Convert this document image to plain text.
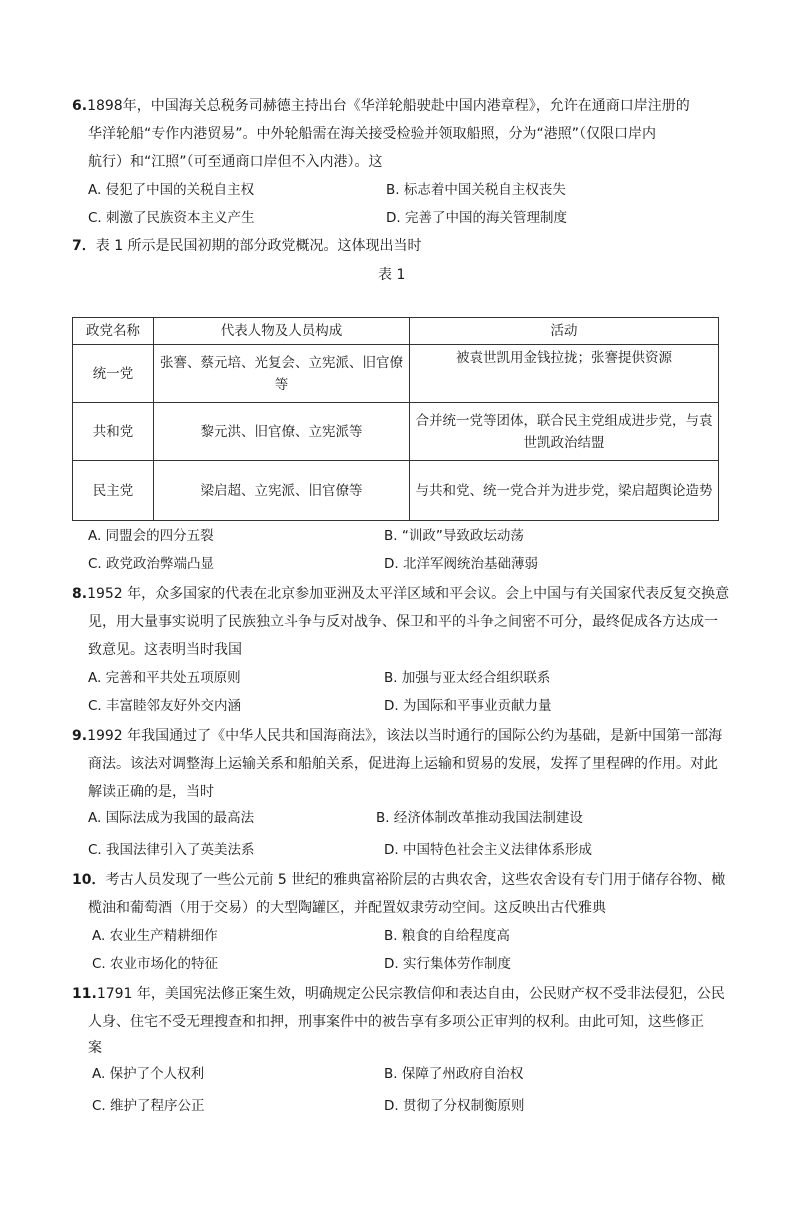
6.1898年，中国海关总税务司赫德主持出台《华洋轮船驶赴中国内港章程》，允许在通商口岸注册的
华洋轮船“专作内港贸易”。中外轮船需在海关接受检验并领取船照，分为“港照”（仅限口岸内
航行）和“江照”（可至通商口岸但不入内港）。这
A. 侵犯了中国的关税自主权	B. 标志着中国关税自主权丧失
C. 刺激了民族资本主义产生	D. 完善了中国的海关管理制度
7．表 1 所示是民国初期的部分政党概况。这体现出当时
表 1
政党名称	代表人物及人员构成	活动
统一党	张謇、蔡元培、光复会、立宪派、旧官僚等	被袁世凯用金钱拉拢；张謇提供资源
共和党	黎元洪、旧官僚、立宪派等	合并统一党等团体，联合民主党组成进步党，与袁世凯政治结盟
民主党	梁启超、立宪派、旧官僚等	与共和党、统一党合并为进步党，梁启超舆论造势
A. 同盟会的四分五裂	B. “训政”导致政坛动荡
C. 政党政治弊端凸显	D. 北洋军阀统治基础薄弱
8.1952 年，众多国家的代表在北京参加亚洲及太平洋区域和平会议。会上中国与有关国家代表反复交换意
见，用大量事实说明了民族独立斗争与反对战争、保卫和平的斗争之间密不可分，最终促成各方达成一
致意见。这表明当时我国
A. 完善和平共处五项原则	B. 加强与亚太经合组织联系
C. 丰富睦邻友好外交内涵	D. 为国际和平事业贡献力量
9.1992 年我国通过了《中华人民共和国海商法》，该法以当时通行的国际公约为基础，是新中国第一部海
商法。该法对调整海上运输关系和船舶关系，促进海上运输和贸易的发展，发挥了里程碑的作用。对此
解读正确的是，当时
A. 国际法成为我国的最高法	B. 经济体制改革推动我国法制建设
C. 我国法律引入了英美法系	D. 中国特色社会主义法律体系形成
10．考古人员发现了一些公元前 5 世纪的雅典富裕阶层的古典农舍，这些农舍设有专门用于储存谷物、橄
榄油和葡萄酒（用于交易）的大型陶罐区，并配置奴隶劳动空间。这反映出古代雅典
A. 农业生产精耕细作	B. 粮食的自给程度高
C. 农业市场化的特征	D. 实行集体劳作制度
11.1791 年，美国宪法修正案生效，明确规定公民宗教信仰和表达自由，公民财产权不受非法侵犯，公民
人身、住宅不受无理搜查和扣押，刑事案件中的被告享有多项公正审判的权利。由此可知，这些修正
案
A. 保护了个人权利	B. 保障了州政府自治权
C. 维护了程序公正	D. 贯彻了分权制衡原则
